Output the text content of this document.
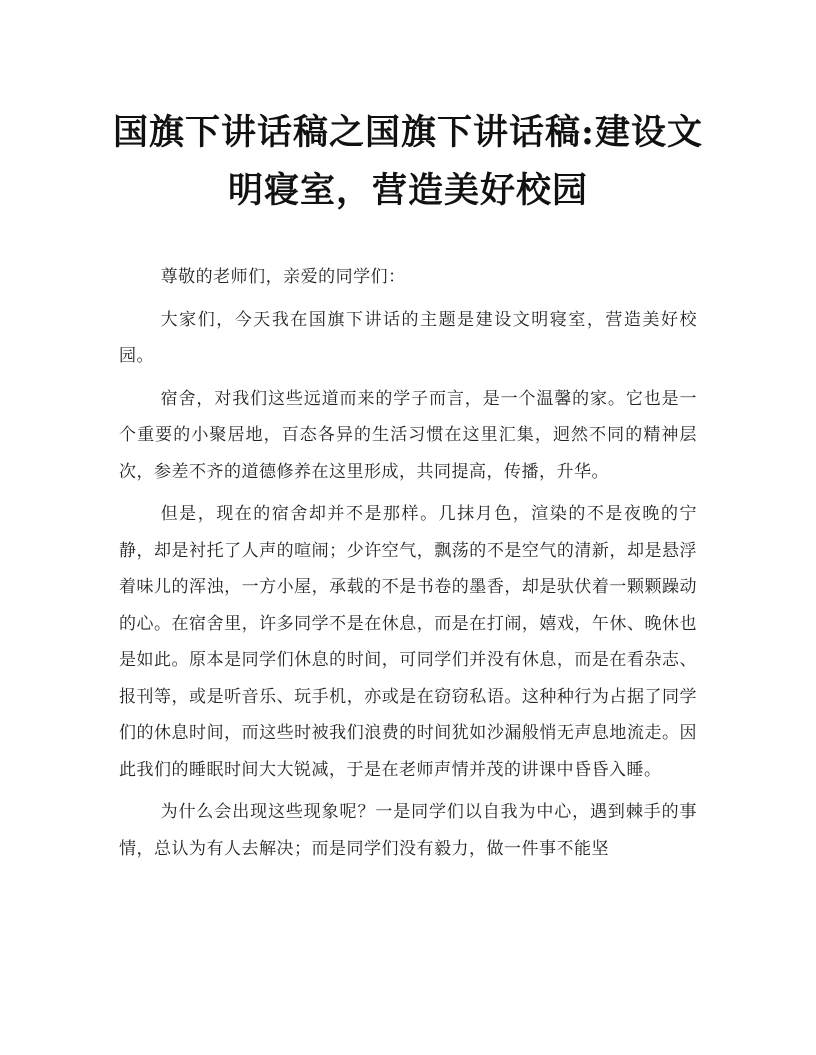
国旗下讲话稿之国旗下讲话稿:建设文明寝室，营造美好校园

尊敬的老师们，亲爱的同学们：

大家们，今天我在国旗下讲话的主题是建设文明寝室，营造美好校园。

宿舍，对我们这些远道而来的学子而言，是一个温馨的家。它也是一个重要的小聚居地，百态各异的生活习惯在这里汇集，迥然不同的精神层次，参差不齐的道德修养在这里形成，共同提高，传播，升华。

但是，现在的宿舍却并不是那样。几抹月色，渲染的不是夜晚的宁静，却是衬托了人声的喧闹；少许空气，飘荡的不是空气的清新，却是悬浮着味儿的浑浊，一方小屋，承载的不是书卷的墨香，却是驮伏着一颗颗躁动的心。在宿舍里，许多同学不是在休息，而是在打闹，嬉戏，午休、晚休也是如此。原本是同学们休息的时间，可同学们并没有休息，而是在看杂志、报刊等，或是听音乐、玩手机，亦或是在窃窃私语。这种种行为占据了同学们的休息时间，而这些时被我们浪费的时间犹如沙漏般悄无声息地流走。因此我们的睡眠时间大大锐减，于是在老师声情并茂的讲课中昏昏入睡。

为什么会出现这些现象呢？一是同学们以自我为中心，遇到棘手的事情，总认为有人去解决；而是同学们没有毅力，做一件事不能坚
